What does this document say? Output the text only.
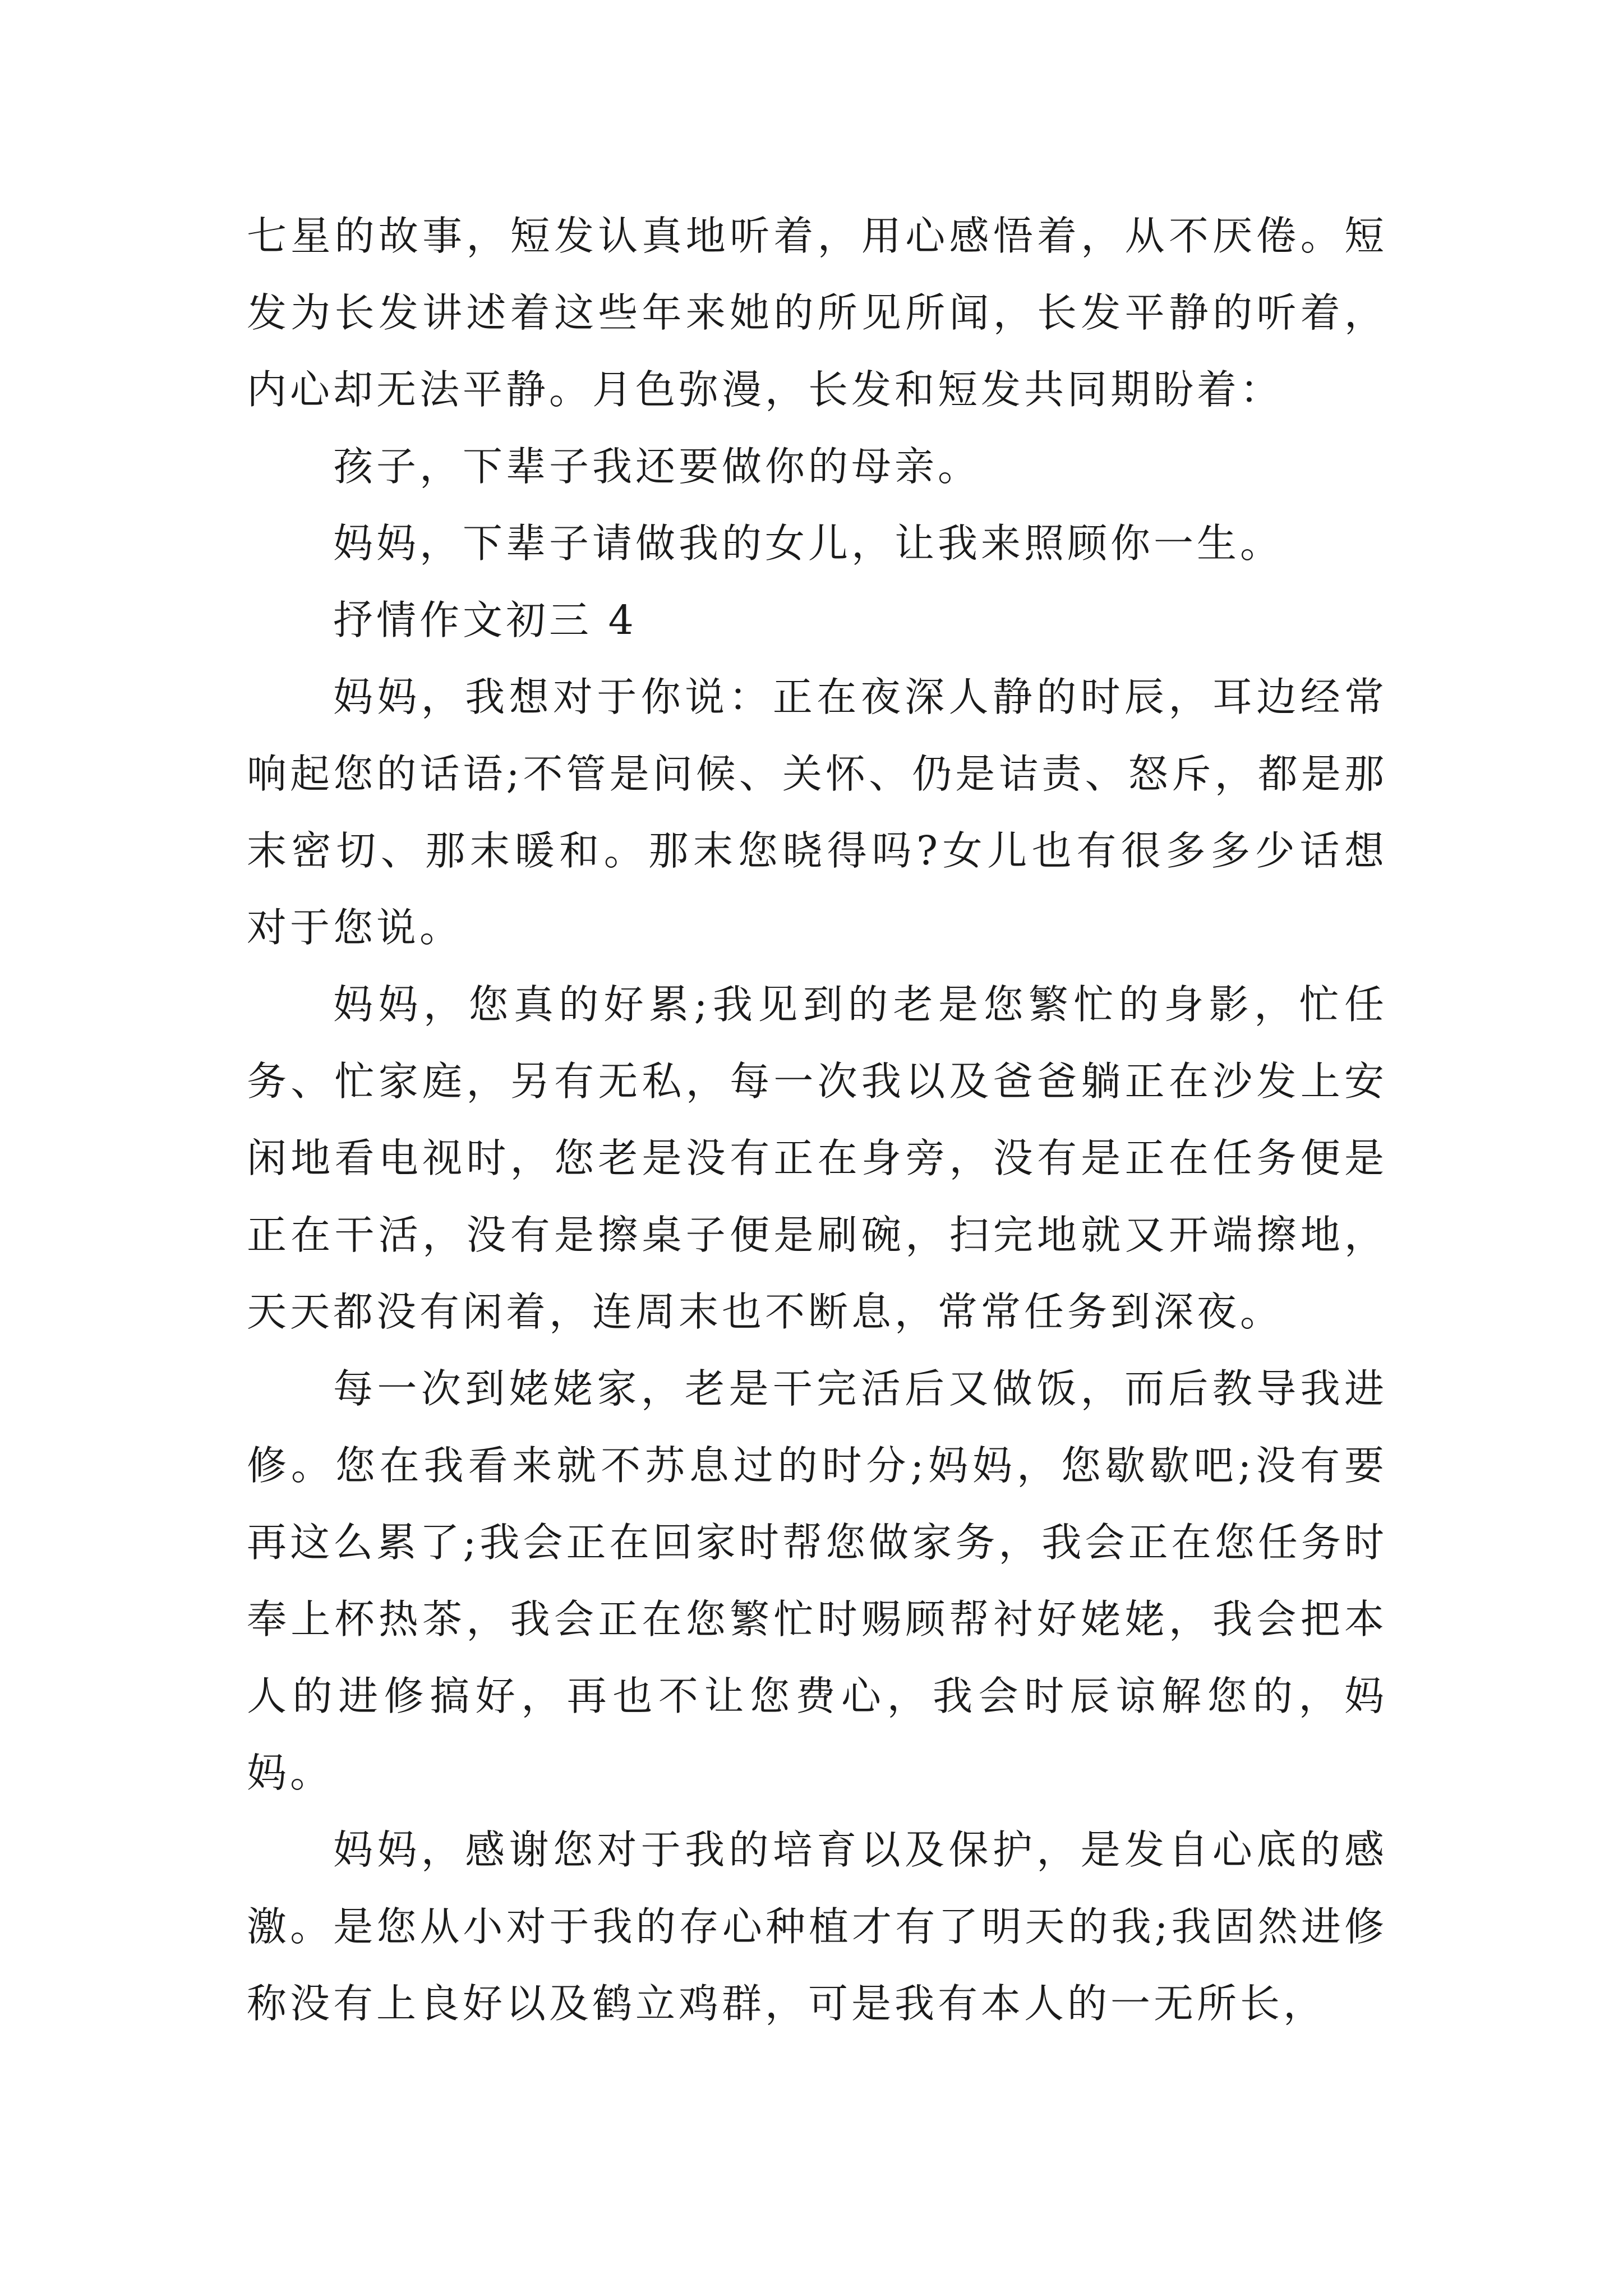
七星的故事，短发认真地听着，用心感悟着，从不厌倦。短发为长发讲述着这些年来她的所见所闻，长发平静的听着，内心却无法平静。月色弥漫，长发和短发共同期盼着：

孩子，下辈子我还要做你的母亲。

妈妈，下辈子请做我的女儿，让我来照顾你一生。

抒情作文初三 4

妈妈，我想对于你说：正在夜深人静的时辰，耳边经常响起您的话语;不管是问候、关怀、仍是诘责、怒斥，都是那末密切、那末暖和。那末您晓得吗?女儿也有很多多少话想对于您说。

妈妈，您真的好累;我见到的老是您繁忙的身影，忙任务、忙家庭，另有无私，每一次我以及爸爸躺正在沙发上安闲地看电视时，您老是没有正在身旁，没有是正在任务便是正在干活，没有是擦桌子便是刷碗，扫完地就又开端擦地，天天都没有闲着，连周末也不断息，常常任务到深夜。

每一次到姥姥家，老是干完活后又做饭，而后教导我进修。您在我看来就不苏息过的时分;妈妈，您歇歇吧;没有要再这么累了;我会正在回家时帮您做家务，我会正在您任务时奉上杯热茶，我会正在您繁忙时赐顾帮衬好姥姥，我会把本人的进修搞好，再也不让您费心，我会时辰谅解您的，妈妈。

妈妈，感谢您对于我的培育以及保护，是发自心底的感激。是您从小对于我的存心种植才有了明天的我;我固然进修称没有上良好以及鹤立鸡群，可是我有本人的一无所长，
